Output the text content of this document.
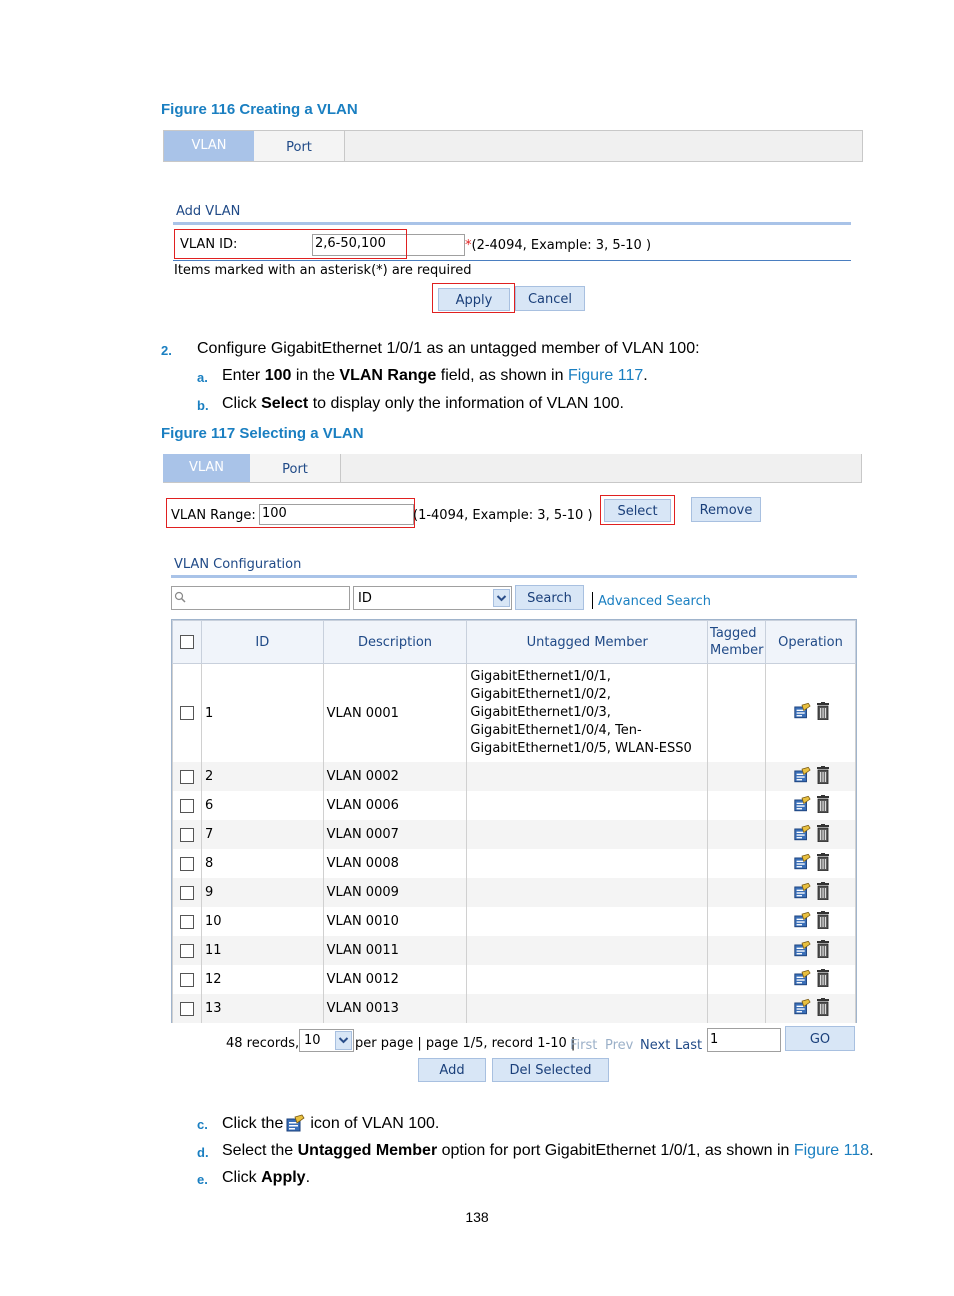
Figure 116 Creating a VLAN
VLAN	Port
Add VLAN
VLAN ID:	2,6-50,100	*(2-4094, Example: 3, 5-10 )
Items marked with an asterisk(*) are required
Apply	Cancel
2. Configure GigabitEthernet 1/0/1 as an untagged member of VLAN 100:
a. Enter 100 in the VLAN Range field, as shown in Figure 117.
b. Click Select to display only the information of VLAN 100.
Figure 117 Selecting a VLAN
VLAN	Port
VLAN Range: 100	(1-4094, Example: 3, 5-10 )	Select	Remove
VLAN Configuration
ID	Search	Advanced Search
	ID	Description	Untagged Member	Tagged Member	Operation
	1	VLAN 0001	GigabitEthernet1/0/1,
GigabitEthernet1/0/2,
GigabitEthernet1/0/3,
GigabitEthernet1/0/4, Ten-
GigabitEthernet1/0/5, WLAN-ESS0

	2	VLAN 0002			

	6	VLAN 0006			

	7	VLAN 0007			

	8	VLAN 0008			

	9	VLAN 0009			

	10	VLAN 0010			

	11	VLAN 0011			

	12	VLAN 0012			

	13	VLAN 0013			
48 records, 10	per page | page 1/5, record 1-10 |
First Prev Next Last 1	GO
Add	Del Selected
c. Click the icon of VLAN 100.
d. Select the Untagged Member option for port GigabitEthernet 1/0/1, as shown in Figure 118.
e. Click Apply.
138
